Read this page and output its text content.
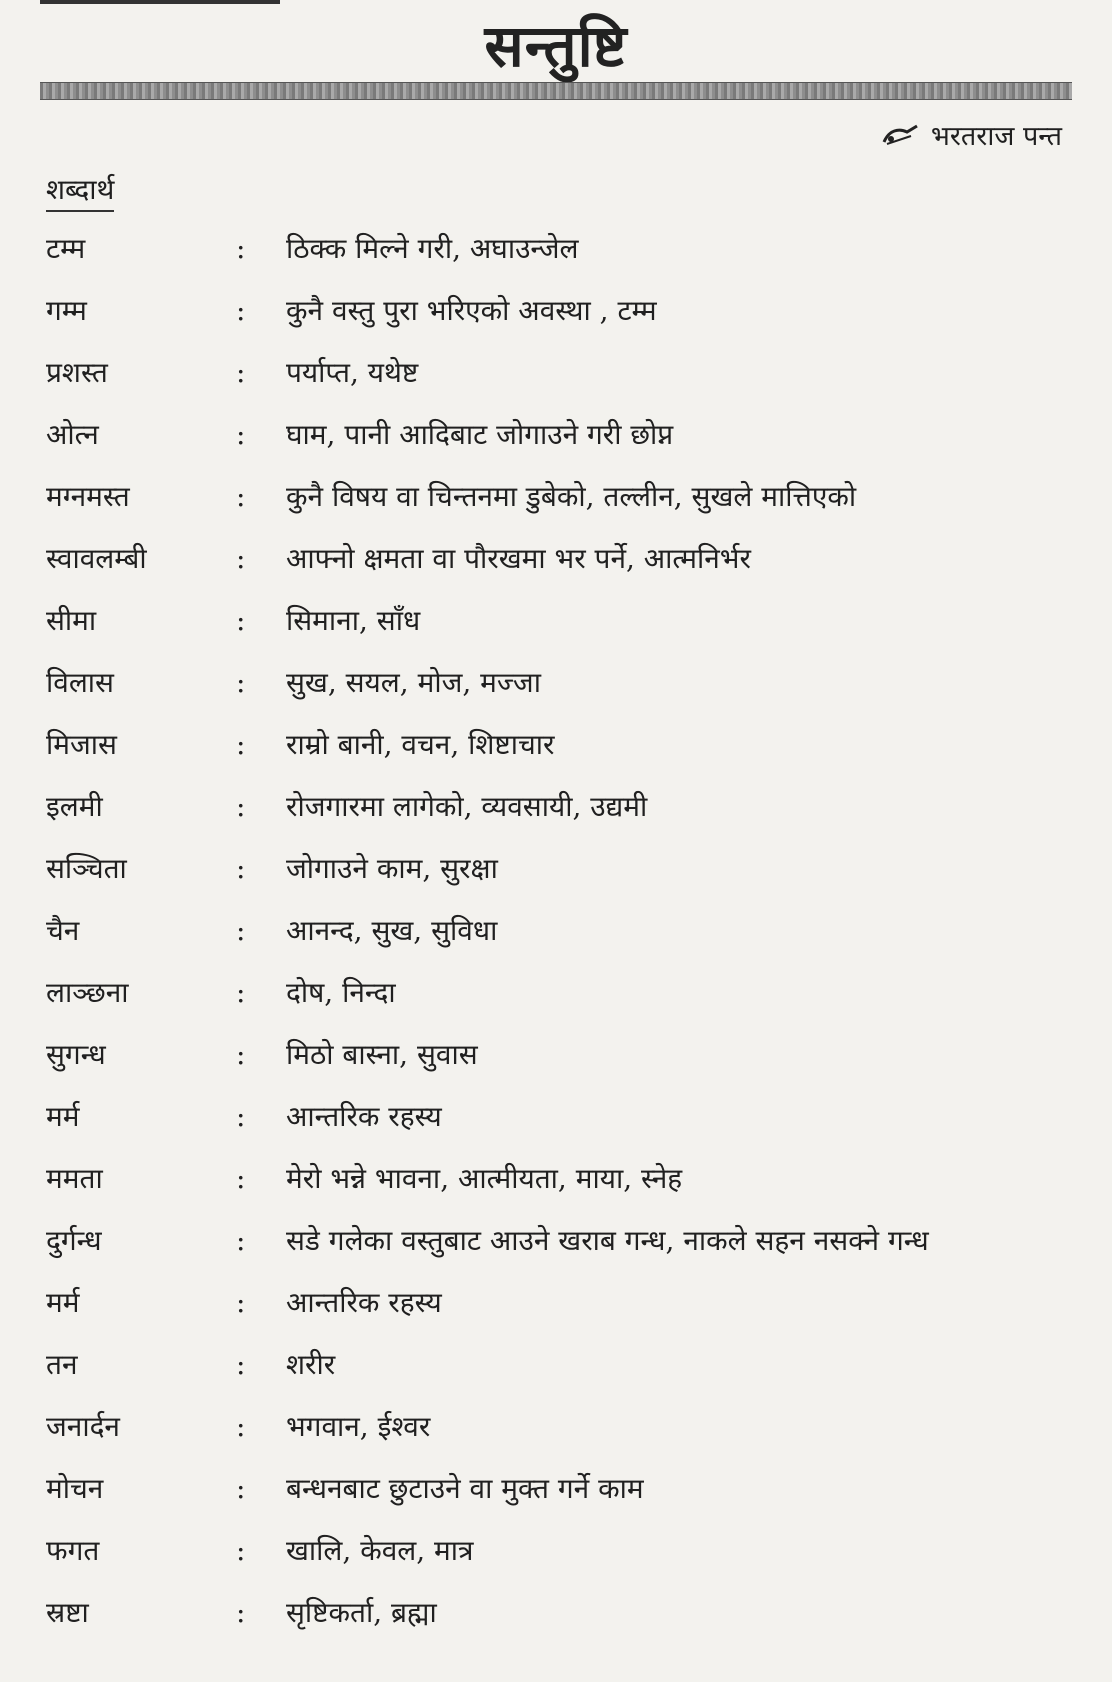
सन्तुष्टि
भरतराज पन्त
शब्दार्थ
टम्म	:	ठिक्क मिल्ने गरी, अघाउन्जेल
गम्म	:	कुनै वस्तु पुरा भरिएको अवस्था , टम्म
प्रशस्त	:	पर्याप्त, यथेष्ट
ओत्न	:	घाम, पानी आदिबाट जोगाउने गरी छोप्न
मग्नमस्त	:	कुनै विषय वा चिन्तनमा डुबेको, तल्लीन, सुखले मात्तिएको
स्वावलम्बी	:	आफ्नो क्षमता वा पौरखमा भर पर्ने, आत्मनिर्भर
सीमा	:	सिमाना, साँध
विलास	:	सुख, सयल, मोज, मज्जा
मिजास	:	राम्रो बानी, वचन, शिष्टाचार
इलमी	:	रोजगारमा लागेको, व्यवसायी, उद्यमी
सञ्चिता	:	जोगाउने काम, सुरक्षा
चैन	:	आनन्द, सुख, सुविधा
लाञ्छना	:	दोष, निन्दा
सुगन्ध	:	मिठो बास्ना, सुवास
मर्म	:	आन्तरिक रहस्य
ममता	:	मेरो भन्ने भावना, आत्मीयता, माया, स्नेह
दुर्गन्ध	:	सडे गलेका वस्तुबाट आउने खराब गन्ध, नाकले सहन नसक्ने गन्ध
मर्म	:	आन्तरिक रहस्य
तन	:	शरीर
जनार्दन	:	भगवान, ईश्वर
मोचन	:	बन्धनबाट छुटाउने वा मुक्त गर्ने काम
फगत	:	खालि, केवल, मात्र
स्रष्टा	:	सृष्टिकर्ता, ब्रह्मा
